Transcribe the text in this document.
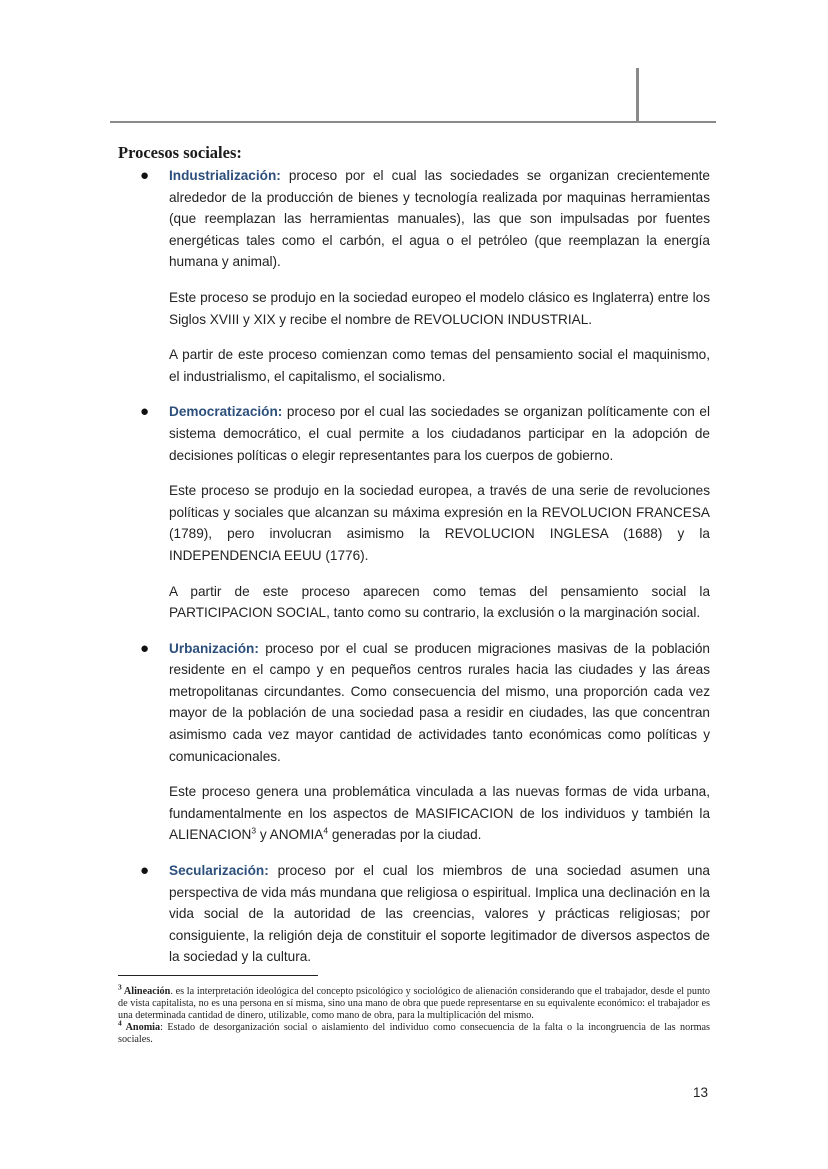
Procesos sociales:
● Industrialización: proceso por el cual las sociedades se organizan crecientemente alrededor de la producción de bienes y tecnología realizada por maquinas herramientas (que reemplazan las herramientas manuales), las que son impulsadas por fuentes energéticas tales como el carbón, el agua o el petróleo (que reemplazan la energía humana y animal).

Este proceso se produjo en la sociedad europeo el modelo clásico es Inglaterra) entre los Siglos XVIII y XIX y recibe el nombre de REVOLUCION INDUSTRIAL.

A partir de este proceso comienzan como temas del pensamiento social el maquinismo, el industrialismo, el capitalismo, el socialismo.

● Democratización: proceso por el cual las sociedades se organizan políticamente con el sistema democrático, el cual permite a los ciudadanos participar en la adopción de decisiones políticas o elegir representantes para los cuerpos de gobierno.

Este proceso se produjo en la sociedad europea, a través de una serie de revoluciones políticas y sociales que alcanzan su máxima expresión en la REVOLUCION FRANCESA (1789), pero involucran asimismo la REVOLUCION INGLESA (1688) y la INDEPENDENCIA EEUU (1776).

A partir de este proceso aparecen como temas del pensamiento social la PARTICIPACION SOCIAL, tanto como su contrario, la exclusión o la marginación social.

● Urbanización: proceso por el cual se producen migraciones masivas de la población residente en el campo y en pequeños centros rurales hacia las ciudades y las áreas metropolitanas circundantes. Como consecuencia del mismo, una proporción cada vez mayor de la población de una sociedad pasa a residir en ciudades, las que concentran asimismo cada vez mayor cantidad de actividades tanto económicas como políticas y comunicacionales.

Este proceso genera una problemática vinculada a las nuevas formas de vida urbana, fundamentalmente en los aspectos de MASIFICACION de los individuos y también la ALIENACION$^3$ y ANOMIA$^4$ generadas por la ciudad.

● Secularización: proceso por el cual los miembros de una sociedad asumen una perspectiva de vida más mundana que religiosa o espiritual. Implica una declinación en la vida social de la autoridad de las creencias, valores y prácticas religiosas; por consiguiente, la religión deja de constituir el soporte legitimador de diversos aspectos de la sociedad y la cultura.

$^3$ Alineación. es la interpretación ideológica del concepto psicológico y sociológico de alienación considerando que el trabajador, desde el punto de vista capitalista, no es una persona en sí misma, sino una mano de obra que puede representarse en su equivalente económico: el trabajador es una determinada cantidad de dinero, utilizable, como mano de obra, para la multiplicación del mismo.

$^4$ Anomia: Estado de desorganización social o aislamiento del individuo como consecuencia de la falta o la incongruencia de las normas sociales.

13
